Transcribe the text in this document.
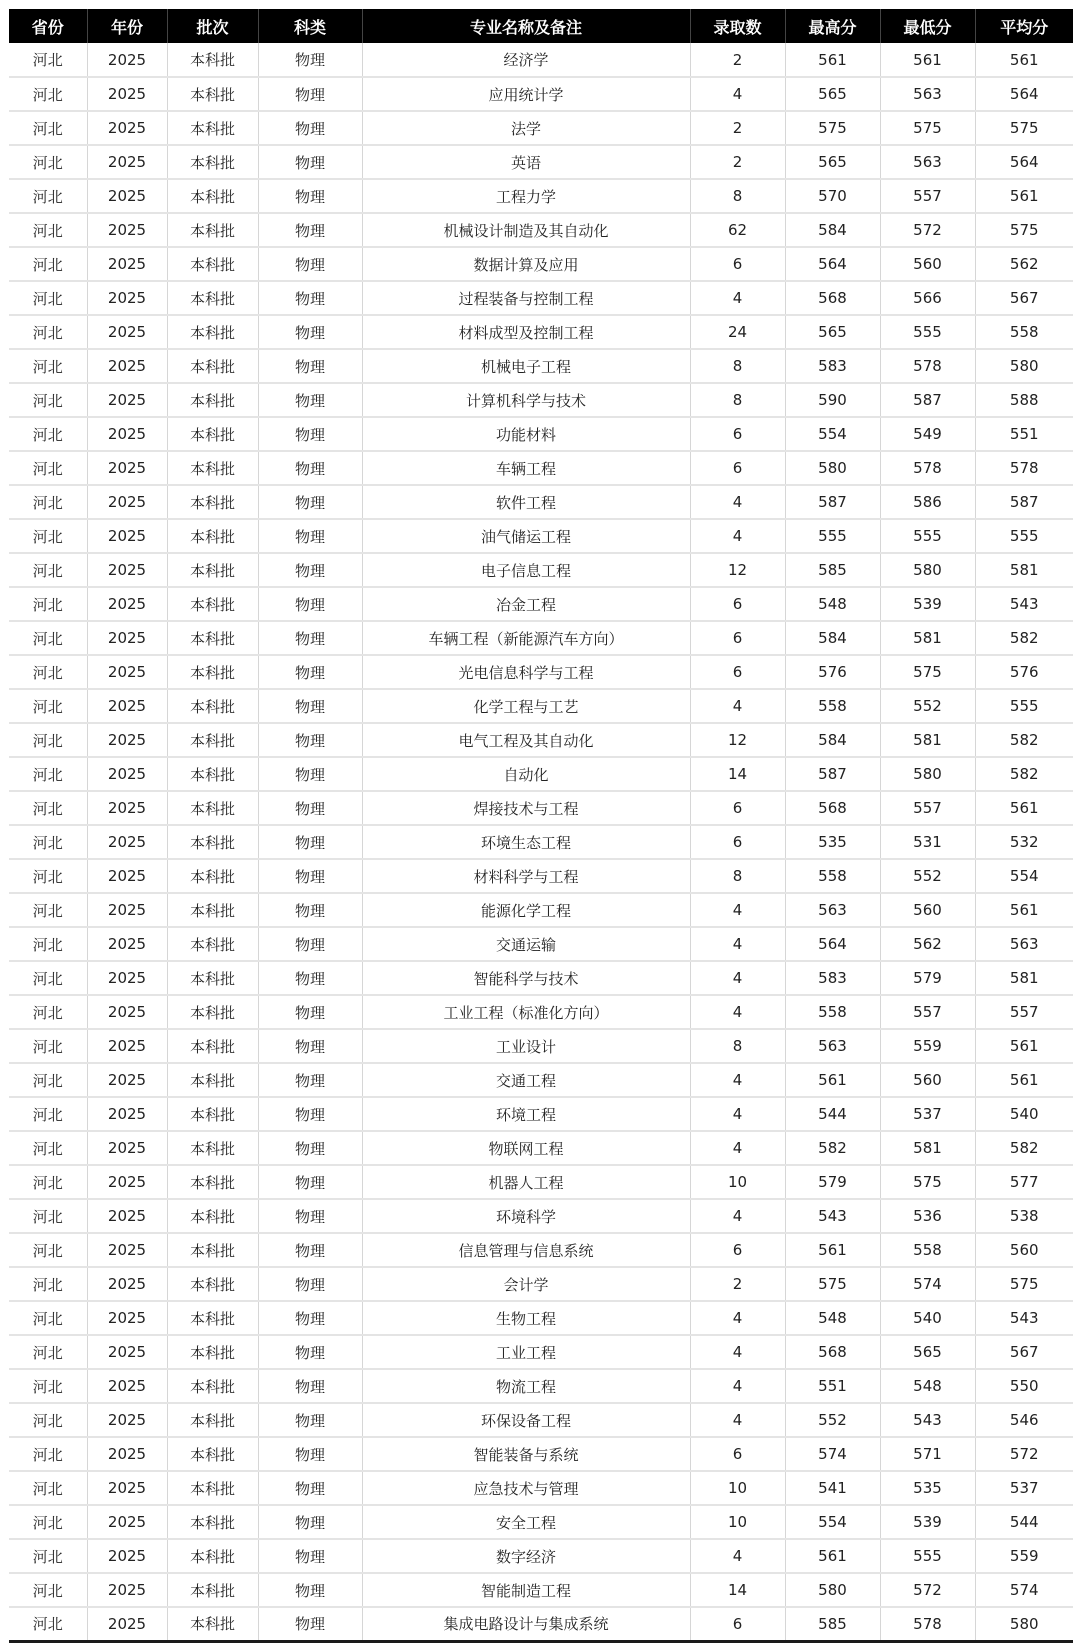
省份	年份	批次	科类	专业名称及备注	录取数	最高分	最低分	平均分
河北	2025	本科批	物理	经济学	2	561	561	561
河北	2025	本科批	物理	应用统计学	4	565	563	564
河北	2025	本科批	物理	法学	2	575	575	575
河北	2025	本科批	物理	英语	2	565	563	564
河北	2025	本科批	物理	工程力学	8	570	557	561
河北	2025	本科批	物理	机械设计制造及其自动化	62	584	572	575
河北	2025	本科批	物理	数据计算及应用	6	564	560	562
河北	2025	本科批	物理	过程装备与控制工程	4	568	566	567
河北	2025	本科批	物理	材料成型及控制工程	24	565	555	558
河北	2025	本科批	物理	机械电子工程	8	583	578	580
河北	2025	本科批	物理	计算机科学与技术	8	590	587	588
河北	2025	本科批	物理	功能材料	6	554	549	551
河北	2025	本科批	物理	车辆工程	6	580	578	578
河北	2025	本科批	物理	软件工程	4	587	586	587
河北	2025	本科批	物理	油气储运工程	4	555	555	555
河北	2025	本科批	物理	电子信息工程	12	585	580	581
河北	2025	本科批	物理	冶金工程	6	548	539	543
河北	2025	本科批	物理	车辆工程（新能源汽车方向）	6	584	581	582
河北	2025	本科批	物理	光电信息科学与工程	6	576	575	576
河北	2025	本科批	物理	化学工程与工艺	4	558	552	555
河北	2025	本科批	物理	电气工程及其自动化	12	584	581	582
河北	2025	本科批	物理	自动化	14	587	580	582
河北	2025	本科批	物理	焊接技术与工程	6	568	557	561
河北	2025	本科批	物理	环境生态工程	6	535	531	532
河北	2025	本科批	物理	材料科学与工程	8	558	552	554
河北	2025	本科批	物理	能源化学工程	4	563	560	561
河北	2025	本科批	物理	交通运输	4	564	562	563
河北	2025	本科批	物理	智能科学与技术	4	583	579	581
河北	2025	本科批	物理	工业工程（标准化方向）	4	558	557	557
河北	2025	本科批	物理	工业设计	8	563	559	561
河北	2025	本科批	物理	交通工程	4	561	560	561
河北	2025	本科批	物理	环境工程	4	544	537	540
河北	2025	本科批	物理	物联网工程	4	582	581	582
河北	2025	本科批	物理	机器人工程	10	579	575	577
河北	2025	本科批	物理	环境科学	4	543	536	538
河北	2025	本科批	物理	信息管理与信息系统	6	561	558	560
河北	2025	本科批	物理	会计学	2	575	574	575
河北	2025	本科批	物理	生物工程	4	548	540	543
河北	2025	本科批	物理	工业工程	4	568	565	567
河北	2025	本科批	物理	物流工程	4	551	548	550
河北	2025	本科批	物理	环保设备工程	4	552	543	546
河北	2025	本科批	物理	智能装备与系统	6	574	571	572
河北	2025	本科批	物理	应急技术与管理	10	541	535	537
河北	2025	本科批	物理	安全工程	10	554	539	544
河北	2025	本科批	物理	数字经济	4	561	555	559
河北	2025	本科批	物理	智能制造工程	14	580	572	574
河北	2025	本科批	物理	集成电路设计与集成系统	6	585	578	580
